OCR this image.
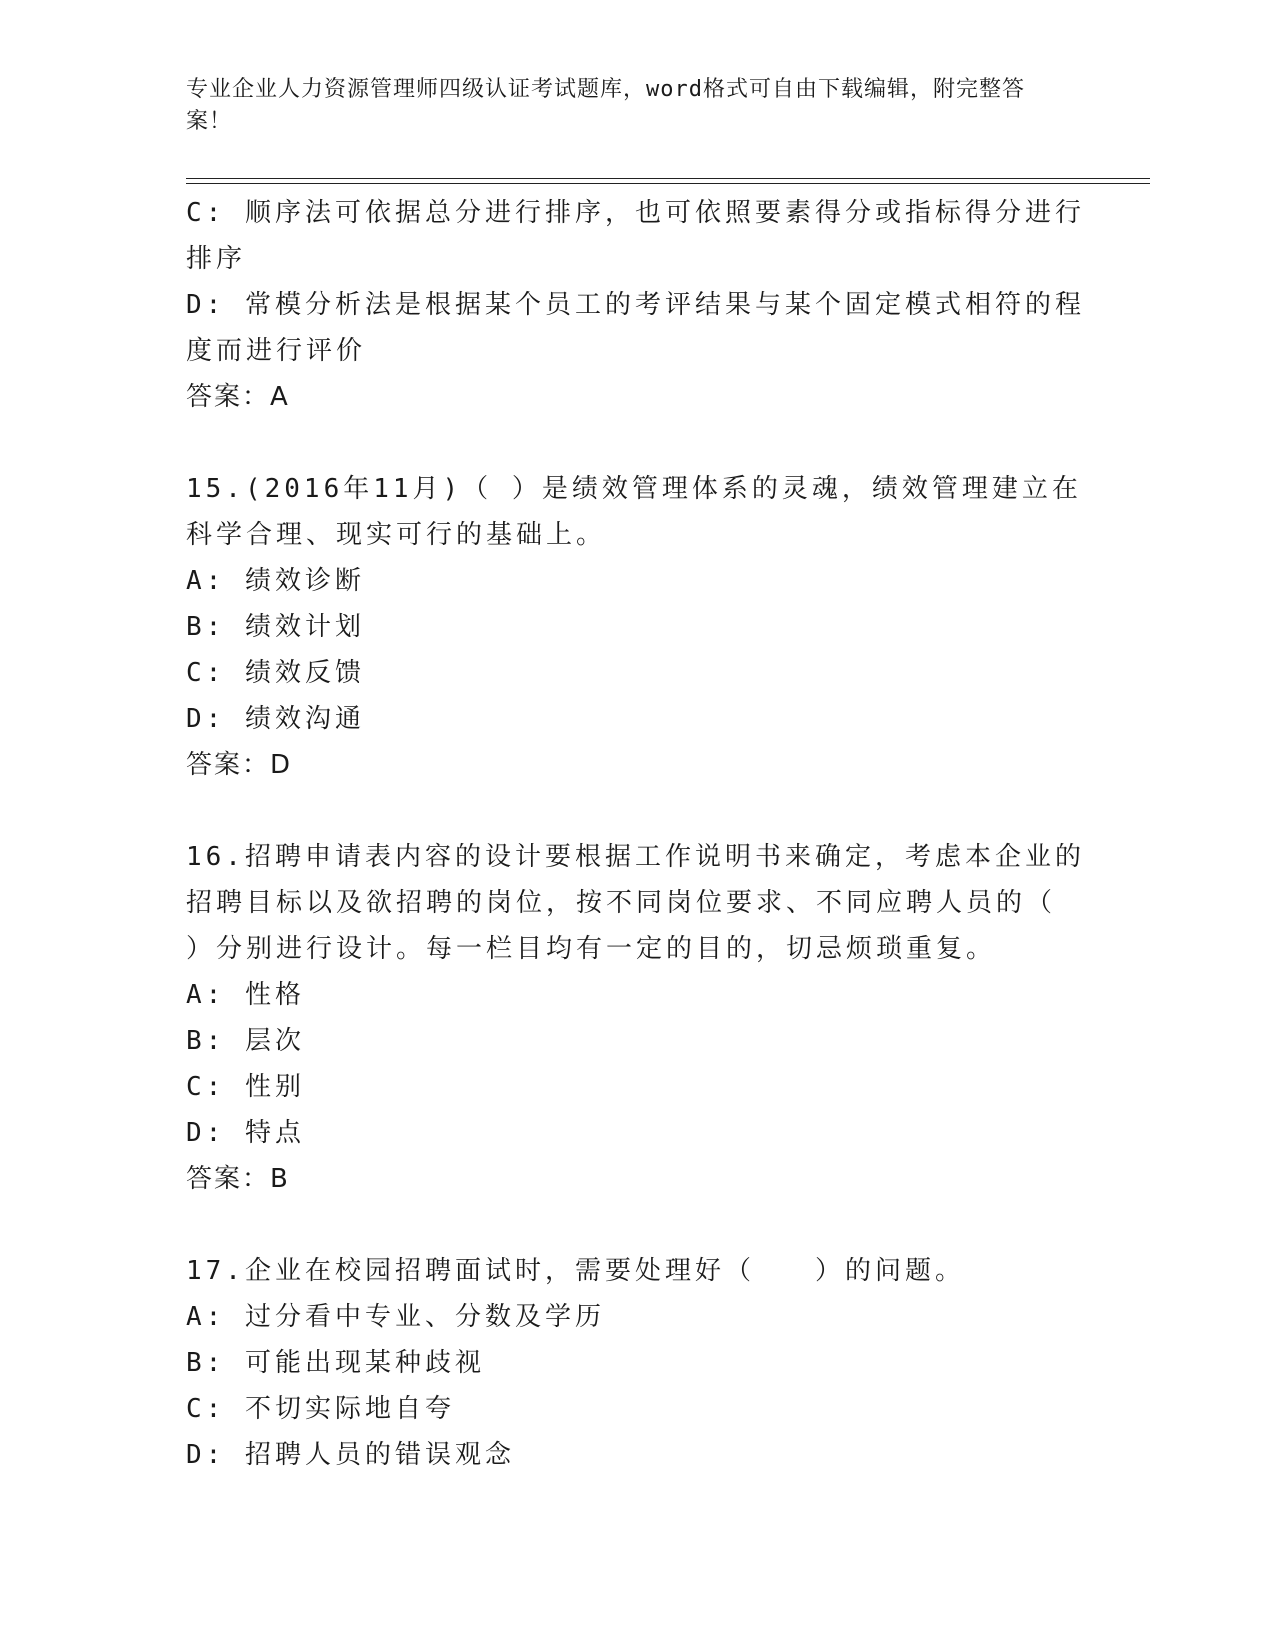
专业企业人力资源管理师四级认证考试题库，word格式可自由下载编辑，附完整答案！
C: 顺序法可依据总分进行排序，也可依照要素得分或指标得分进行排序
D: 常模分析法是根据某个员工的考评结果与某个固定模式相符的程度而进行评价
答案：A
15.(2016年11月)（ ）是绩效管理体系的灵魂，绩效管理建立在科学合理、现实可行的基础上。
A: 绩效诊断
B: 绩效计划
C: 绩效反馈
D: 绩效沟通
答案：D
16.招聘申请表内容的设计要根据工作说明书来确定，考虑本企业的招聘目标以及欲招聘的岗位，按不同岗位要求、不同应聘人员的（ ）分别进行设计。每一栏目均有一定的目的，切忌烦琐重复。
A: 性格
B: 层次
C: 性别
D: 特点
答案：B
17.企业在校园招聘面试时，需要处理好（　　）的问题。
A: 过分看中专业、分数及学历
B: 可能出现某种歧视
C: 不切实际地自夸
D: 招聘人员的错误观念
